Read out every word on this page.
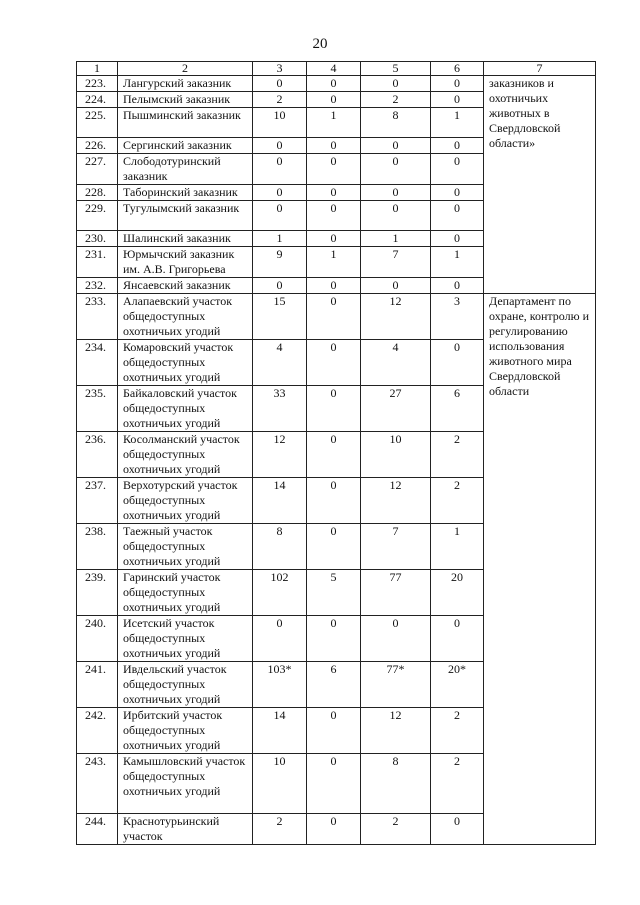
20
1	2	3	4	5	6	7
223.	Лангурский заказник	0	0	0	0	заказников и охотничьих животных в Свердловской области»
224.	Пелымский заказник	2	0	2	0	
225.	Пышминский заказник	10	1	8	1	
226.	Сергинский заказник	0	0	0	0	
227.	Слободотуринский заказник	0	0	0	0	
228.	Таборинский заказник	0	0	0	0	
229.	Тугулымский заказник	0	0	0	0	
230.	Шалинский заказник	1	0	1	0	
231.	Юрмычский заказник им. А.В. Григорьева	9	1	7	1	
232.	Янсаевский заказник	0	0	0	0	
233.	Алапаевский участок общедоступных охотничьих угодий	15	0	12	3	Департамент по охране, контролю и регулированию использования животного мира Свердловской области
234.	Комаровский участок общедоступных охотничьих угодий	4	0	4	0	
235.	Байкаловский участок общедоступных охотничьих угодий	33	0	27	6	
236.	Косолманский участок общедоступных охотничьих угодий	12	0	10	2	
237.	Верхотурский участок общедоступных охотничьих угодий	14	0	12	2	
238.	Таежный участок общедоступных охотничьих угодий	8	0	7	1	
239.	Гаринский участок общедоступных охотничьих угодий	102	5	77	20	
240.	Исетский участок общедоступных охотничьих угодий	0	0	0	0	
241.	Ивдельский участок общедоступных охотничьих угодий	103*	6	77*	20*	
242.	Ирбитский участок общедоступных охотничьих угодий	14	0	12	2	
243.	Камышловский участок общедоступных охотничьих угодий	10	0	8	2	
244.	Краснотурьинский участок	2	0	2	0	
